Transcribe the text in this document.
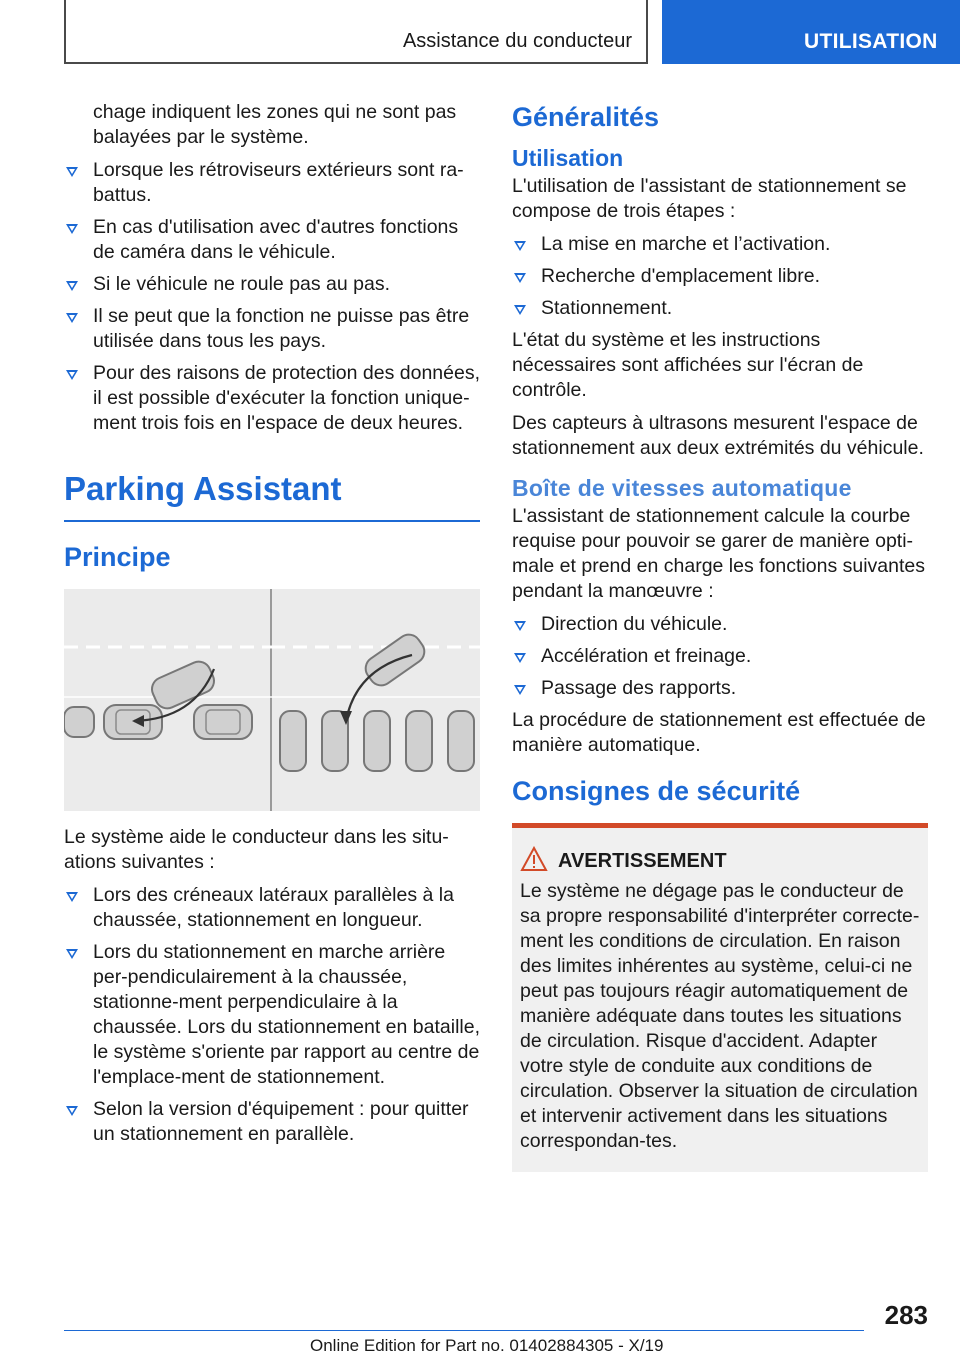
Assistance du conducteur	UTILISATION
chage indiquent les zones qui ne sont pas balayées par le système.
Lorsque les rétroviseurs extérieurs sont ra-battus.
En cas d'utilisation avec d'autres fonctions de caméra dans le véhicule.
Si le véhicule ne roule pas au pas.
Il se peut que la fonction ne puisse pas être utilisée dans tous les pays.
Pour des raisons de protection des données, il est possible d'exécuter la fonction unique-ment trois fois en l'espace de deux heures.
Parking Assistant
Principe
Le système aide le conducteur dans les situ-ations suivantes :
Lors des créneaux latéraux parallèles à la chaussée, stationnement en longueur.
Lors du stationnement en marche arrière per-pendiculairement à la chaussée, stationne-ment perpendiculaire à la chaussée. Lors du stationnement en bataille, le système s'oriente par rapport au centre de l'emplace-ment de stationnement.
Selon la version d'équipement : pour quitter un stationnement en parallèle.
Généralités
Utilisation
L'utilisation de l'assistant de stationnement se compose de trois étapes :
La mise en marche et l’activation.
Recherche d'emplacement libre.
Stationnement.
L'état du système et les instructions nécessaires sont affichées sur l'écran de contrôle.
Des capteurs à ultrasons mesurent l'espace de stationnement aux deux extrémités du véhicule.
Boîte de vitesses automatique
L'assistant de stationnement calcule la courbe requise pour pouvoir se garer de manière opti-male et prend en charge les fonctions suivantes pendant la manœuvre :
Direction du véhicule.
Accélération et freinage.
Passage des rapports.
La procédure de stationnement est effectuée de manière automatique.
Consignes de sécurité
AVERTISSEMENT
Le système ne dégage pas le conducteur de sa propre responsabilité d'interpréter correcte-ment les conditions de circulation. En raison des limites inhérentes au système, celui-ci ne peut pas toujours réagir automatiquement de manière adéquate dans toutes les situations de circulation. Risque d'accident. Adapter votre style de conduite aux conditions de circulation. Observer la situation de circulation et intervenir activement dans les situations correspondan-tes.
283
Online Edition for Part no. 01402884305 - X/19
